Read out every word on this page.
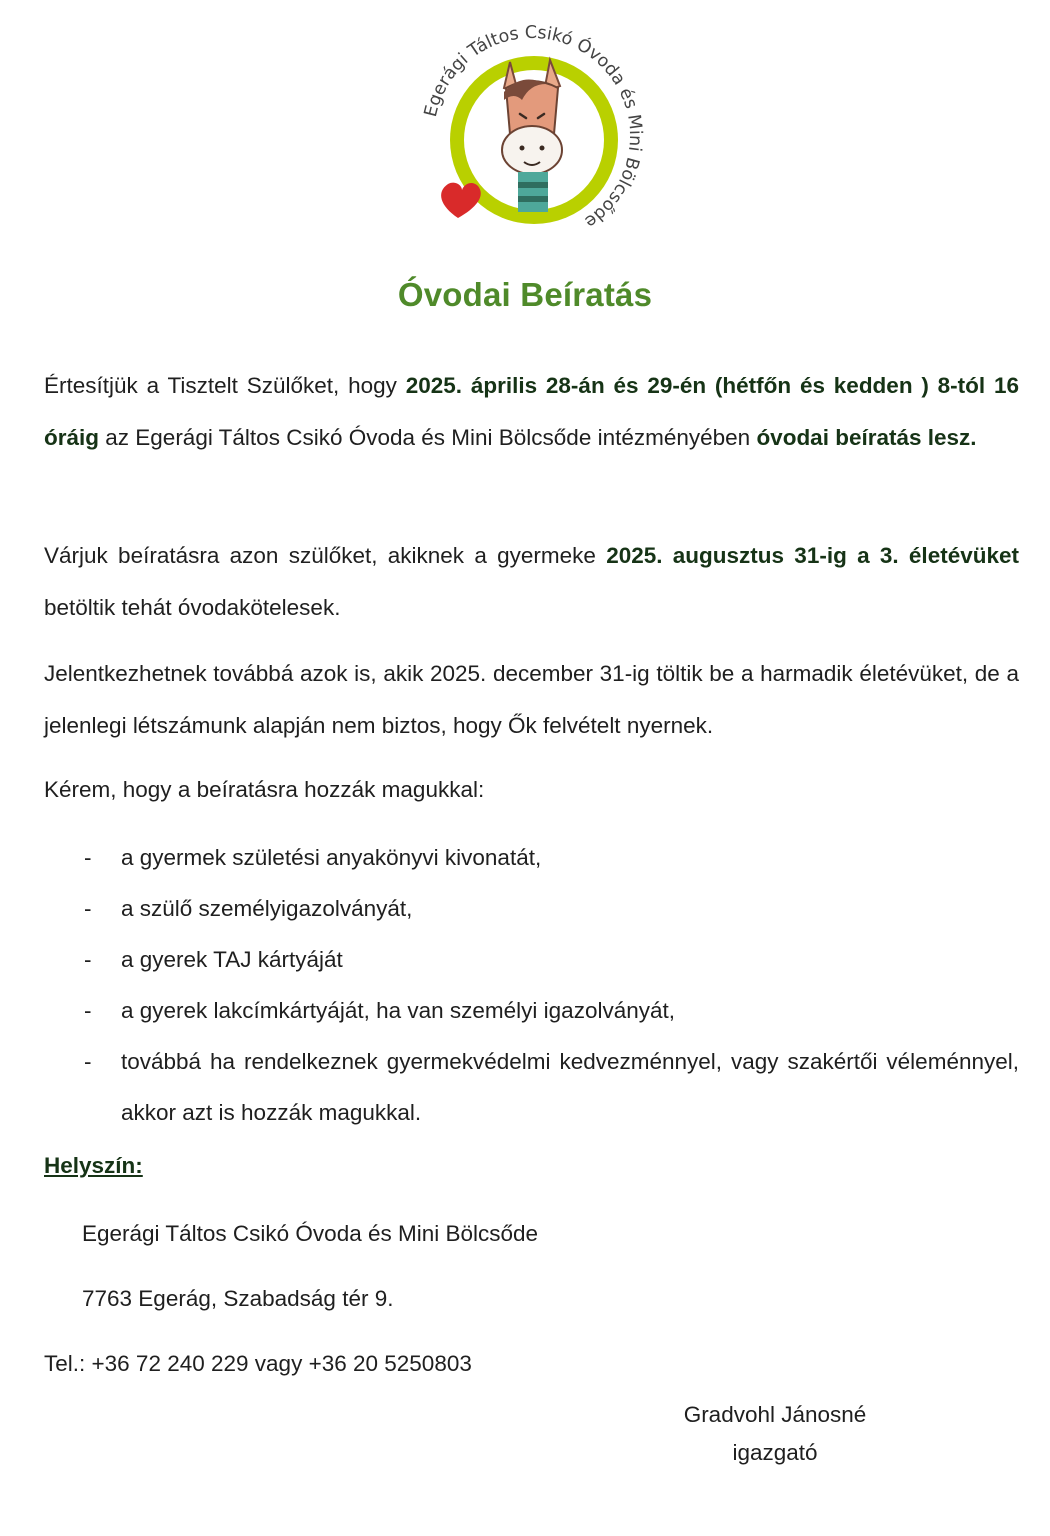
Egerági Táltos Csikó Óvoda és Mini Bölcsőde
Óvodai Beíratás

Értesítjük a Tisztelt Szülőket, hogy 2025. április 28-án és 29-én (hétfőn és kedden ) 8-tól 16 óráig az Egerági Táltos Csikó Óvoda és Mini Bölcsőde intézményében óvodai beíratás lesz.

Várjuk beíratásra azon szülőket, akiknek a gyermeke 2025. augusztus 31-ig a 3. életévüket betöltik tehát óvodakötelesek.

Jelentkezhetnek továbbá azok is, akik 2025. december 31-ig töltik be a harmadik életévüket, de a jelenlegi létszámunk alapján nem biztos, hogy Ők felvételt nyernek.

Kérem, hogy a beíratásra hozzák magukkal:

- a gyermek születési anyakönyvi kivonatát,
- a szülő személyigazolványát,
- a gyerek TAJ kártyáját
- a gyerek lakcímkártyáját, ha van személyi igazolványát,
- továbbá ha rendelkeznek gyermekvédelmi kedvezménnyel, vagy szakértői véleménnyel, akkor azt is hozzák magukkal.
Helyszín:
Egerági Táltos Csikó Óvoda és Mini Bölcsőde
7763 Egerág, Szabadság tér 9.
Tel.: +36 72 240 229 vagy +36 20 5250803
Gradvohl Jánosné
igazgató
